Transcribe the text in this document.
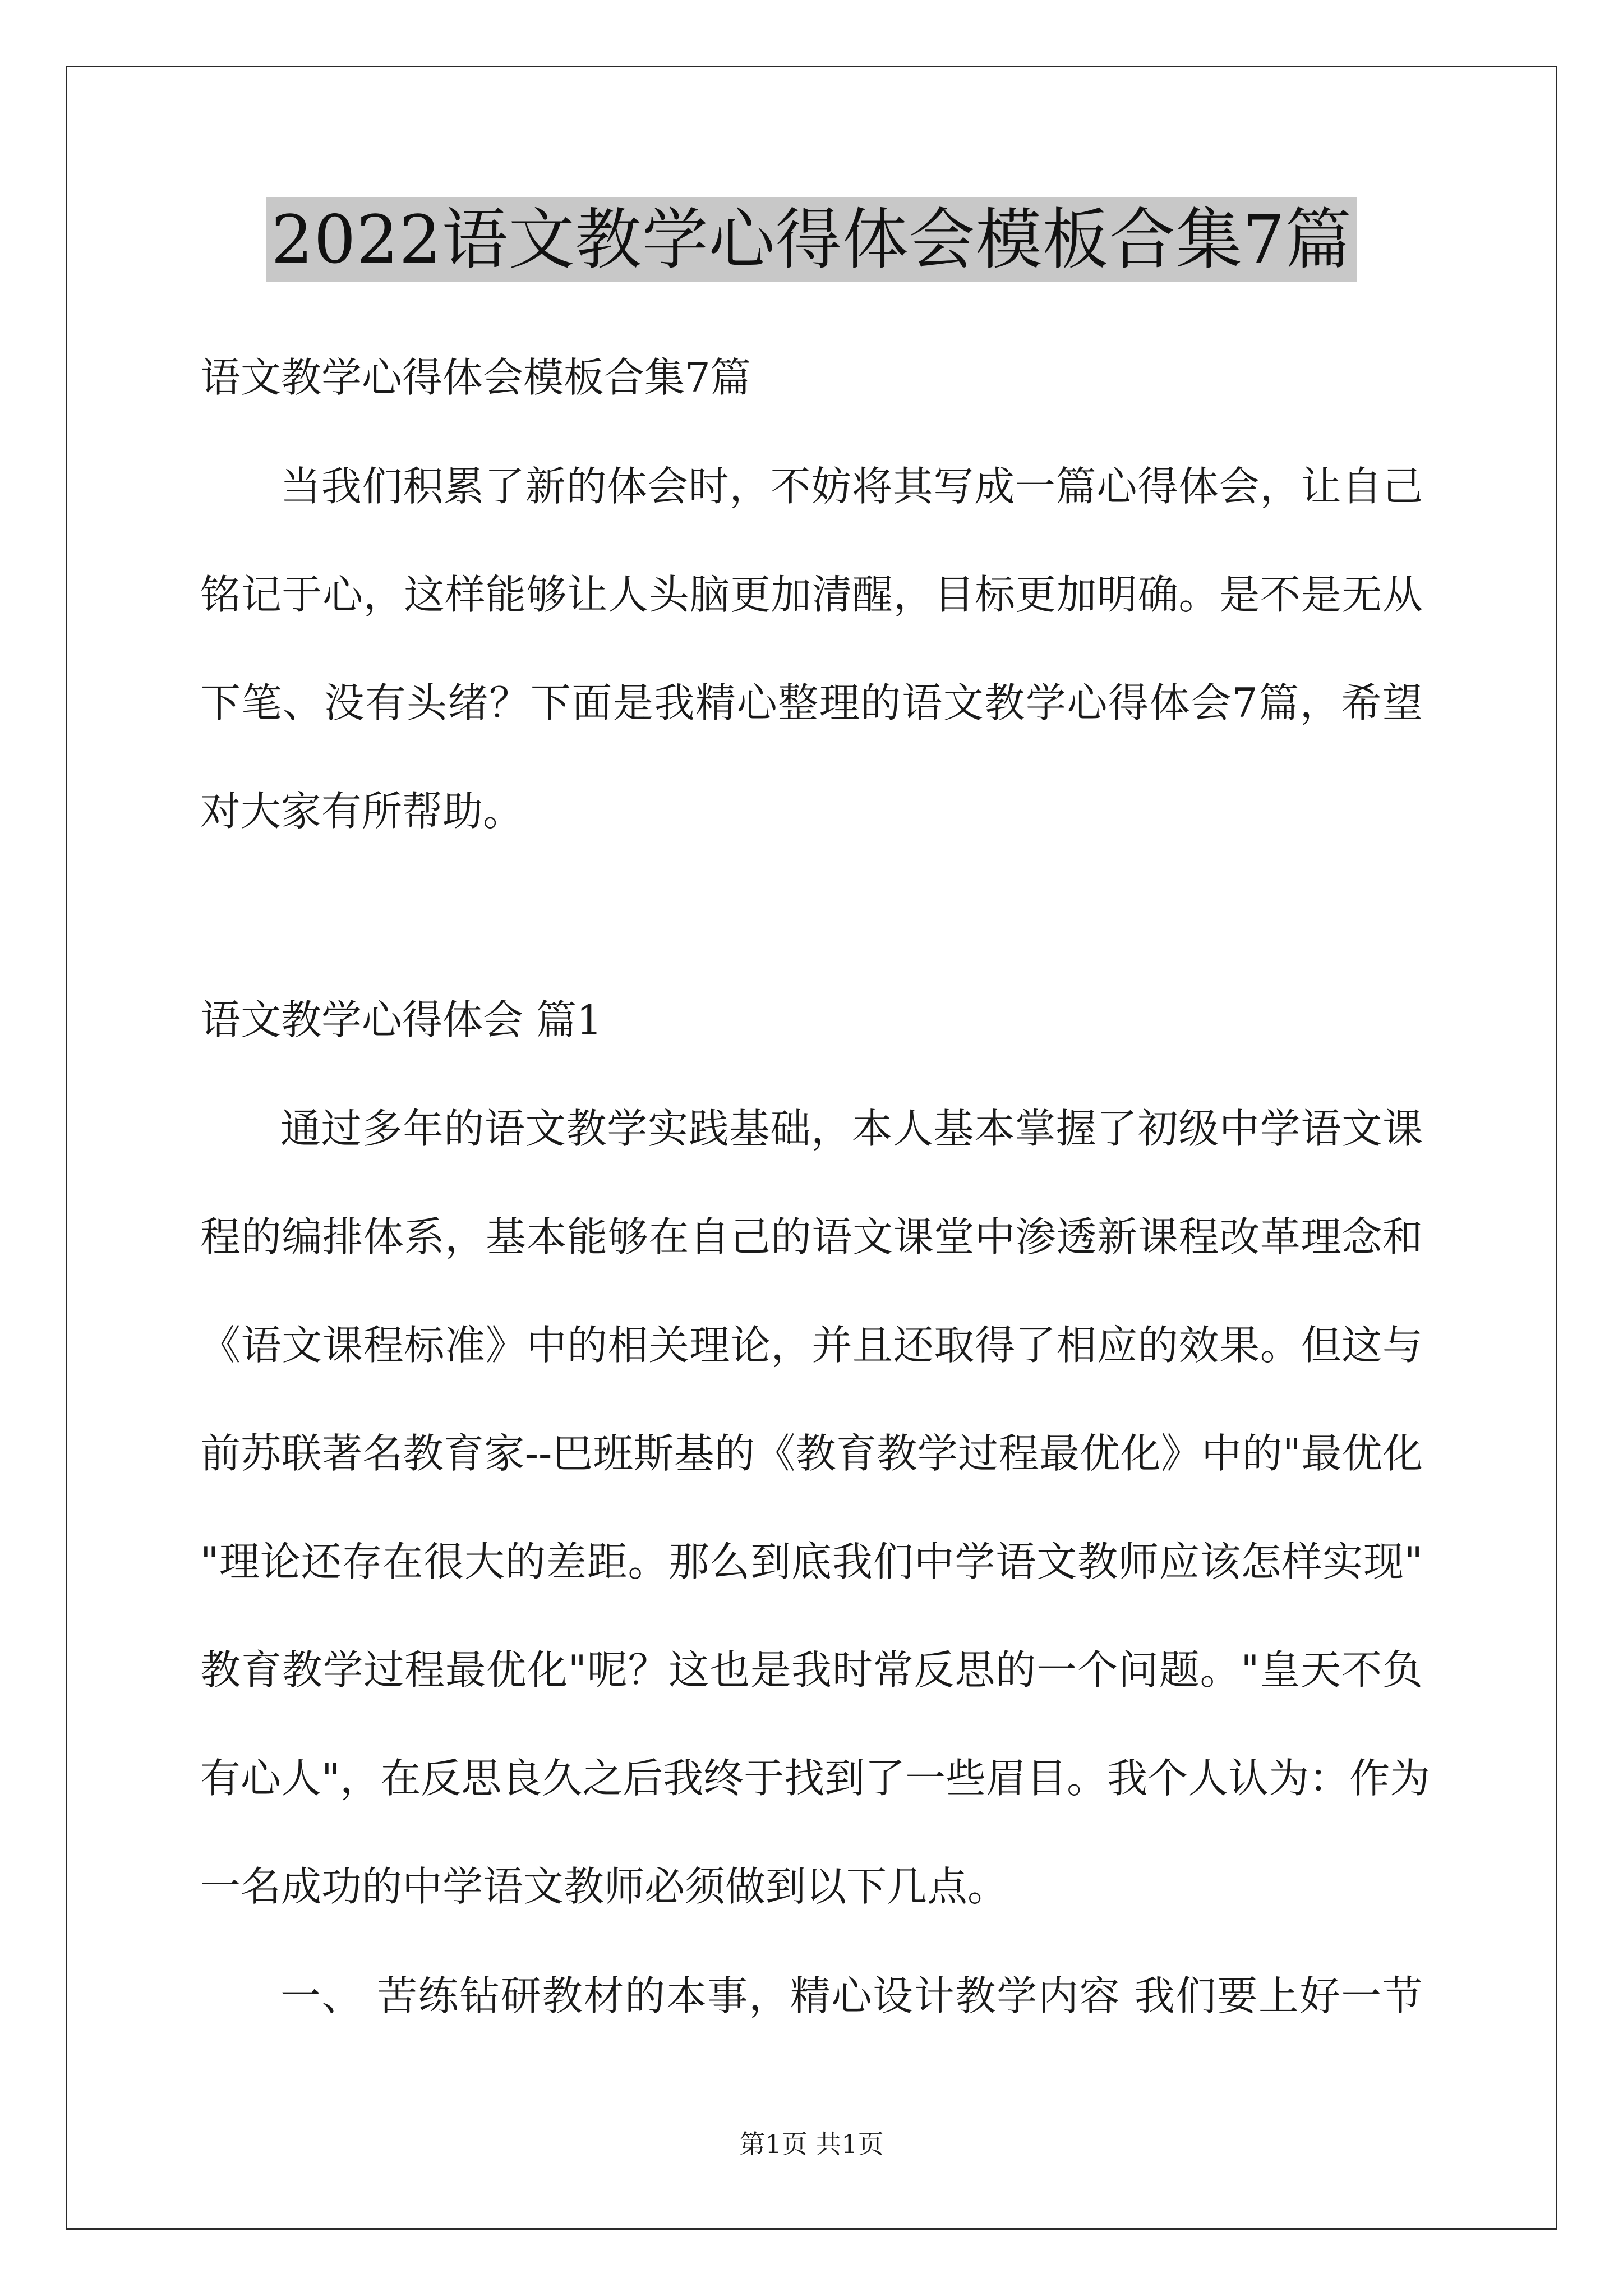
2022语文教学心得体会模板合集7篇
语文教学心得体会模板合集7篇
当我们积累了新的体会时，不妨将其写成一篇心得体会，让自己
铭记于心，这样能够让人头脑更加清醒，目标更加明确。是不是无从
下笔、没有头绪？下面是我精心整理的语文教学心得体会7篇，希望
对大家有所帮助。
语文教学心得体会 篇1
通过多年的语文教学实践基础，本人基本掌握了初级中学语文课
程的编排体系，基本能够在自己的语文课堂中渗透新课程改革理念和
《语文课程标准》中的相关理论，并且还取得了相应的效果。但这与
前苏联著名教育家--巴班斯基的《教育教学过程最优化》中的"最优化
"理论还存在很大的差距。那么到底我们中学语文教师应该怎样实现"
教育教学过程最优化"呢？这也是我时常反思的一个问题。"皇天不负
有心人"，在反思良久之后我终于找到了一些眉目。我个人认为：作为
一名成功的中学语文教师必须做到以下几点。
一、 苦练钻研教材的本事，精心设计教学内容 我们要上好一节
第1页 共1页
